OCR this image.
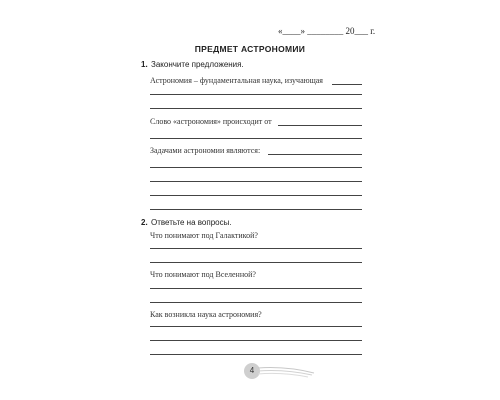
«____» ________ 20___ г.
ПРЕДМЕТ АСТРОНОМИИ
1. Закончите предложения.
Астрономия – фундаментальная наука, изучающая
Слово «астрономия» происходит от
Задачами астрономии являются:
2. Ответьте на вопросы.
Что понимают под Галактикой?
Что понимают под Вселенной?
Как возникла наука астрономия?
4
